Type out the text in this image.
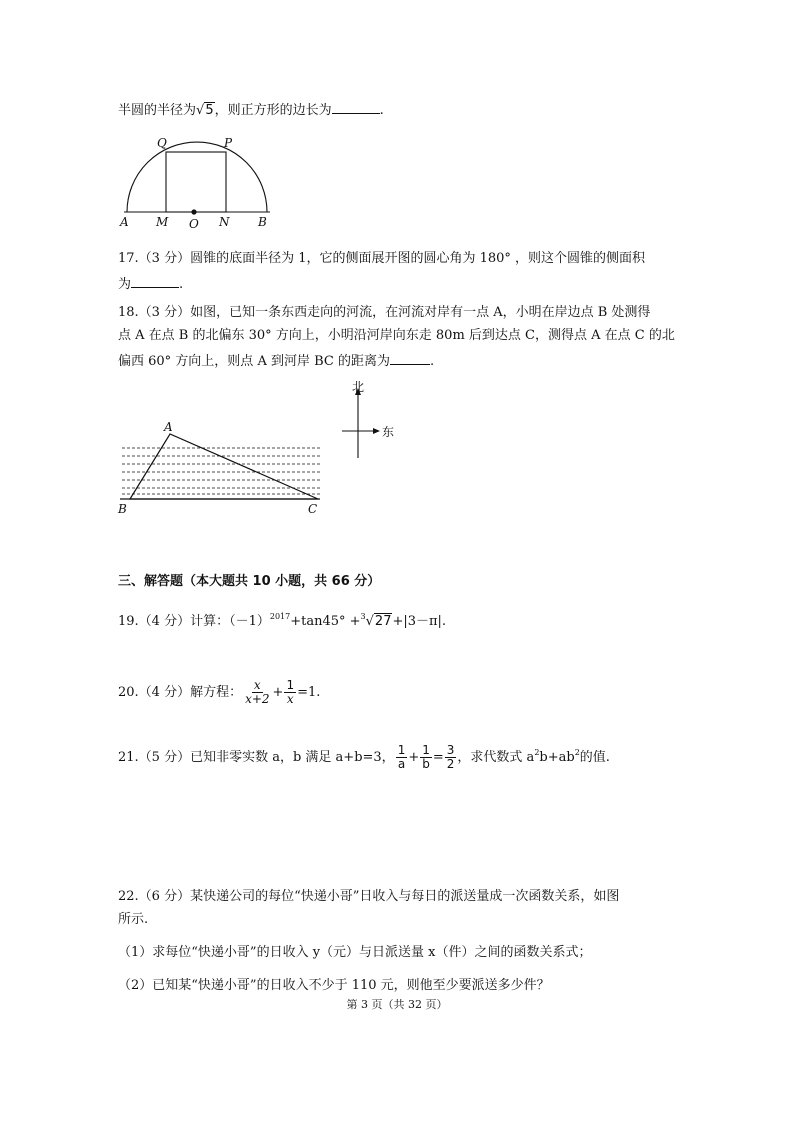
半圆的半径为√5，则正方形的边长为	.
Q	P
A M O N B
17.（3 分）圆锥的底面半径为 1，它的侧面展开图的圆心角为 180° ，则这个圆锥的侧面积
为	.
18.（3 分）如图，已知一条东西走向的河流，在河流对岸有一点 A，小明在岸边点 B 处测得
点 A 在点 B 的北偏东 30° 方向上，小明沿河岸向东走 80m 后到达点 C，测得点 A 在点 C 的北
偏西 60° 方向上，则点 A 到河岸 BC 的距离为	.
A
B	C
北
东
三、解答题（本大题共 10 小题，共 66 分）
19.（4 分）计算：$(-1)^{2017}+\tan 45^\circ +^3√27+|3-\pi|$.
20.（4 分）解方程： $\frac{x}{x+2} + \frac{1}{x} =1$.
21.（5 分）已知非零实数 a，b 满足 a+b=3， $\frac{1}{a} + \frac{1}{b} = \frac{3}{2}$ ，求代数式 $a^2b+ab^2$的值.
22.（6 分）某快递公司的每位“快递小哥”日收入与每日的派送量成一次函数关系，如图
所示.
（1）求每位“快递小哥”的日收入 y（元）与日派送量 x（件）之间的函数关系式；
（2）已知某“快递小哥”的日收入不少于 110 元，则他至少要派送多少件？
第 3 页（共 32 页）
